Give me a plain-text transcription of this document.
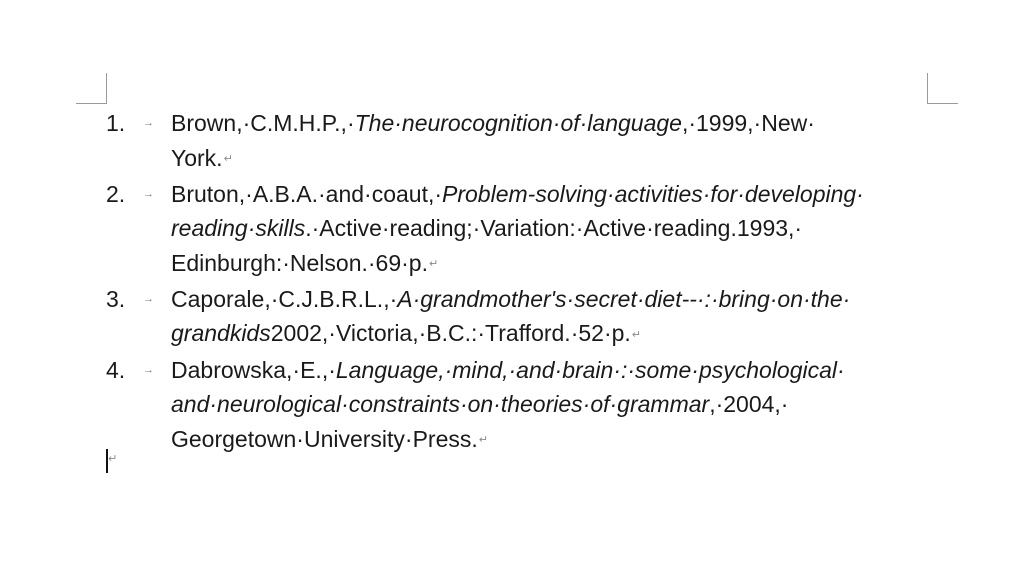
1.	→ Brown,·C.M.H.P.,·The·neurocognition·of·language,·1999,·New·
York.↵
2.	→ Bruton,·A.B.A.·and·coaut,·Problem-solving·activities·for·developing·
reading·skills.·Active·reading;·Variation:·Active·reading.1993,·
Edinburgh:·Nelson.·69·p.↵
3.	→ Caporale,·C.J.B.R.L.,·A·grandmother's·secret·diet--·:·bring·on·the·
grandkids2002,·Victoria,·B.C.:·Trafford.·52·p.↵
4.	→ Dabrowska,·E.,·Language,·mind,·and·brain·:·some·psychological·
and·neurological·constraints·on·theories·of·grammar,·2004,·
Georgetown·University·Press.↵
↵
